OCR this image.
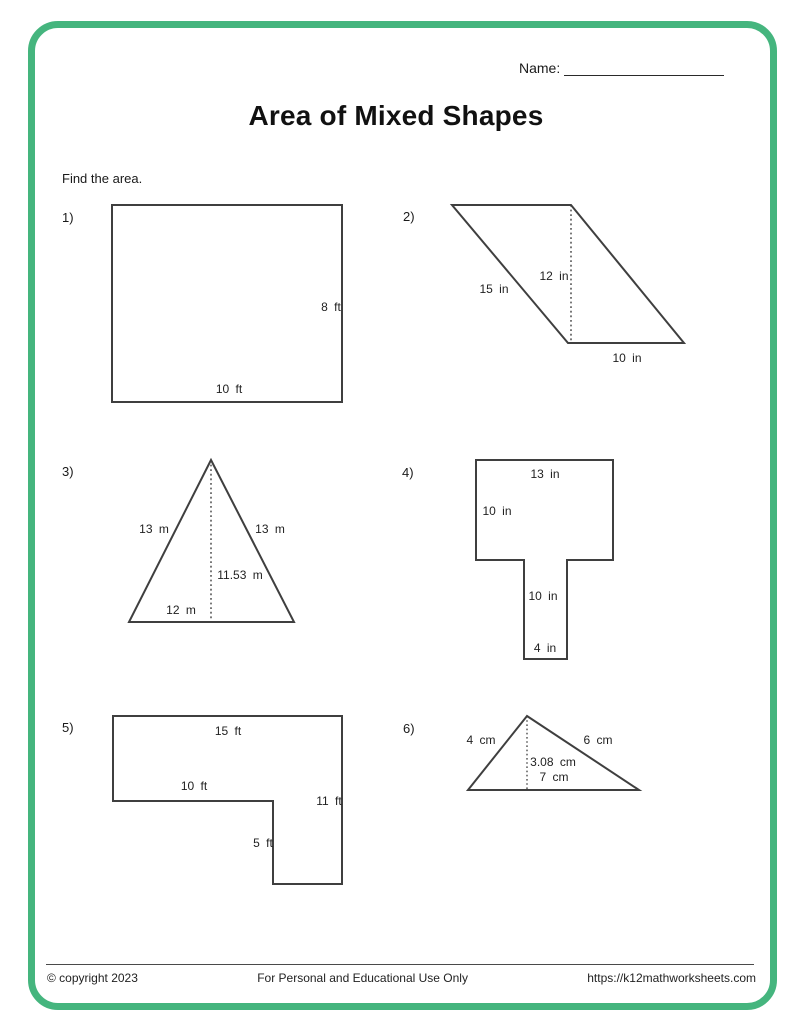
Name:
Area of Mixed Shapes
Find the area.
1)
8 ft
10 ft
2)
15 in
12 in
10 in
3)
13 m	13 m
11.53 m
12 m
4)	13 in
10 in
10 in
4 in
5)	15 ft
10 ft
11 ft
5 ft
6)
4 cm	6 cm
3.08 cm
7 cm
© copyright 2023	For Personal and Educational Use Only	https://k12mathworksheets.com
